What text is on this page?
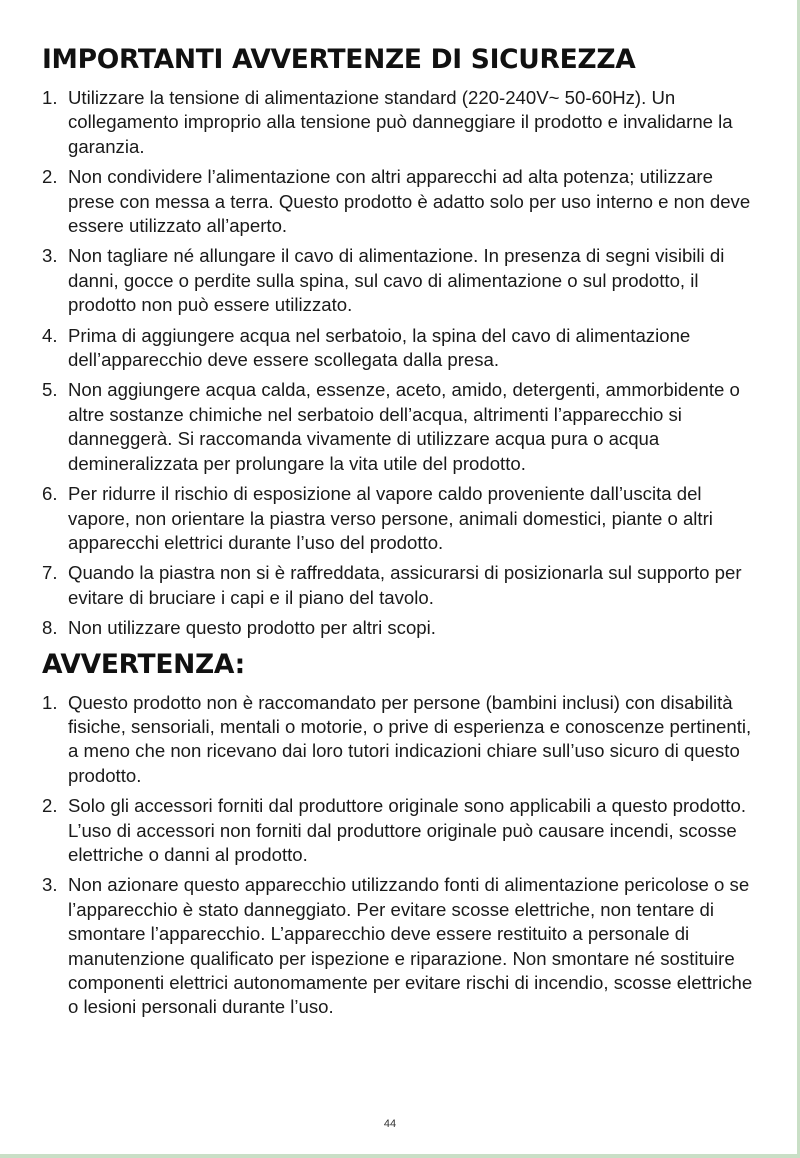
IMPORTANTI AVVERTENZE DI SICUREZZA
1. Utilizzare la tensione di alimentazione standard (220-240V~ 50-60Hz). Un collegamento improprio alla tensione può danneggiare il prodotto e invalidarne la garanzia.
2. Non condividere l’alimentazione con altri apparecchi ad alta potenza; utilizzare prese con messa a terra. Questo prodotto è adatto solo per uso interno e non deve essere utilizzato all’aperto.
3. Non tagliare né allungare il cavo di alimentazione. In presenza di segni visibili di danni, gocce o perdite sulla spina, sul cavo di alimentazione o sul prodotto, il prodotto non può essere utilizzato.
4. Prima di aggiungere acqua nel serbatoio, la spina del cavo di alimentazione dell’apparecchio deve essere scollegata dalla presa.
5. Non aggiungere acqua calda, essenze, aceto, amido, detergenti, ammorbidente o altre sostanze chimiche nel serbatoio dell’acqua, altrimenti l’apparecchio si danneggerà. Si raccomanda vivamente di utilizzare acqua pura o acqua demineralizzata per prolungare la vita utile del prodotto.
6. Per ridurre il rischio di esposizione al vapore caldo proveniente dall’uscita del vapore, non orientare la piastra verso persone, animali domestici, piante o altri apparecchi elettrici durante l’uso del prodotto.
7. Quando la piastra non si è raffreddata, assicurarsi di posizionarla sul supporto per evitare di bruciare i capi e il piano del tavolo.
8. Non utilizzare questo prodotto per altri scopi.
AVVERTENZA:
1. Questo prodotto non è raccomandato per persone (bambini inclusi) con disabilità fisiche, sensoriali, mentali o motorie, o prive di esperienza e conoscenze pertinenti, a meno che non ricevano dai loro tutori indicazioni chiare sull’uso sicuro di questo prodotto.
2. Solo gli accessori forniti dal produttore originale sono applicabili a questo prodotto. L’uso di accessori non forniti dal produttore originale può causare incendi, scosse elettriche o danni al prodotto.
3. Non azionare questo apparecchio utilizzando fonti di alimentazione pericolose o se l’apparecchio è stato danneggiato. Per evitare scosse elettriche, non tentare di smontare l’apparecchio. L’apparecchio deve essere restituito a personale di manutenzione qualificato per ispezione e riparazione. Non smontare né sostituire componenti elettrici autonomamente per evitare rischi di incendio, scosse elettriche o lesioni personali durante l’uso.
44
